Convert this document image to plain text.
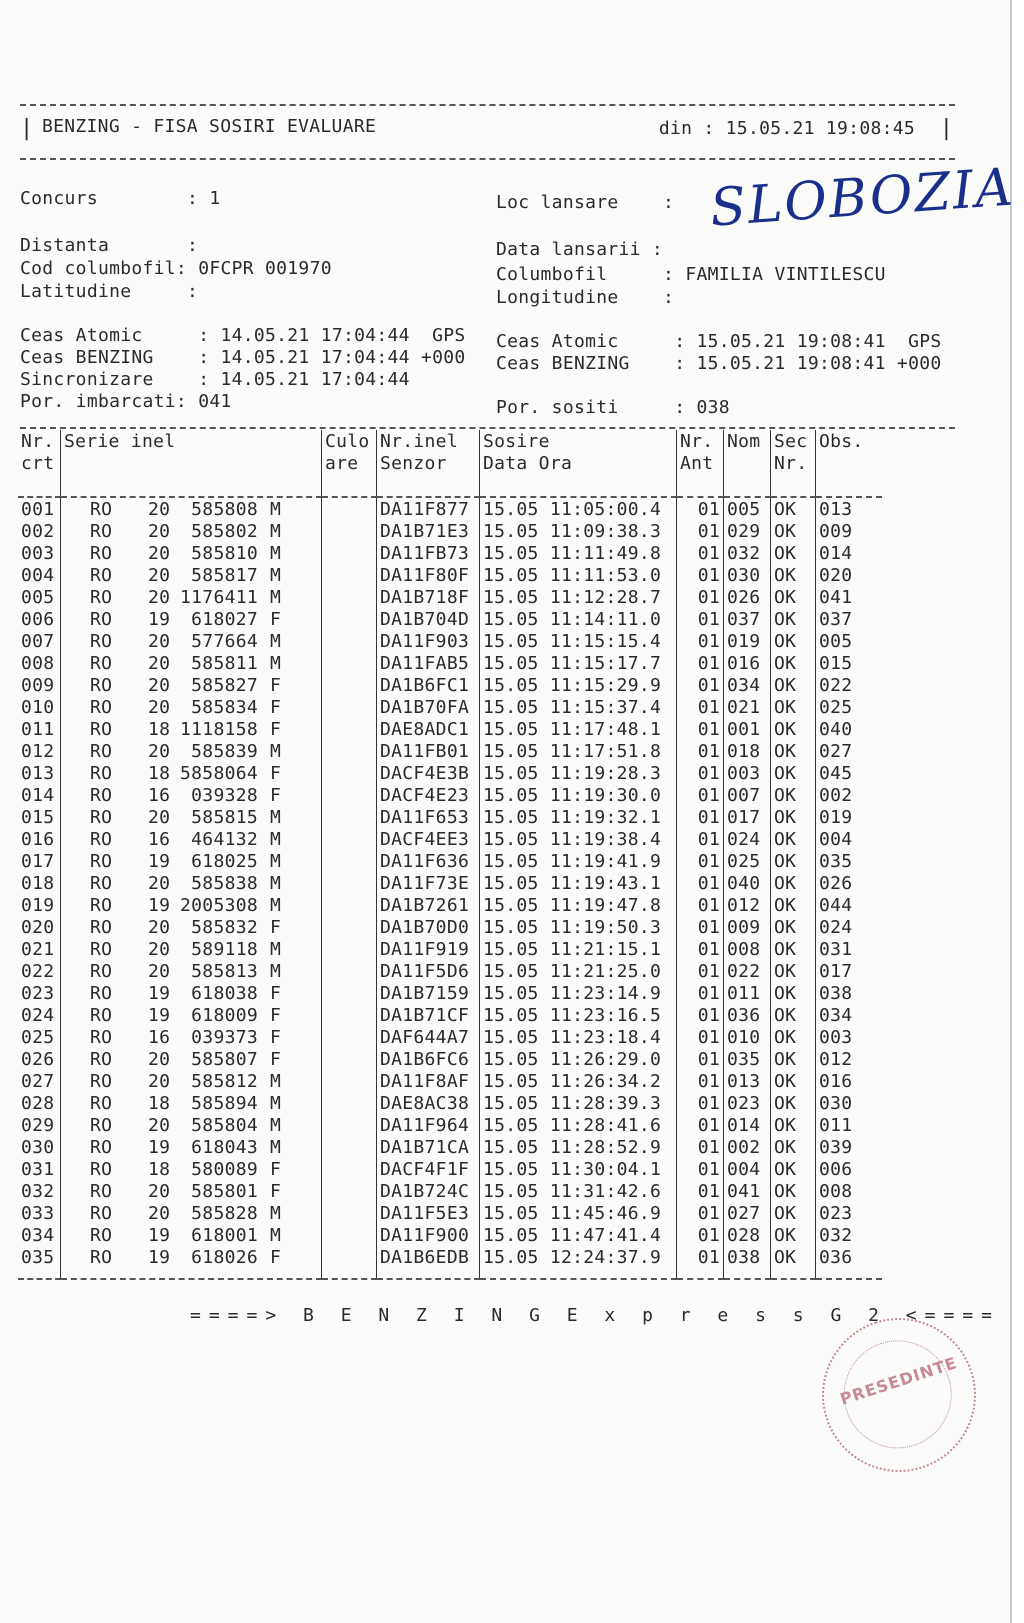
| BENZING - FISA SOSIRI EVALUARE	din : 15.05.21 19:08:45 |
Concurs        : 1
Distanta       :
Cod columbofil: 0FCPR 001970
Latitudine     :
Loc lansare    : SLOBOZIA
Data lansarii :
Columbofil     : FAMILIA VINTILESCU
Longitudine    :
Ceas Atomic     : 14.05.21 17:04:44  GPS
Ceas BENZING    : 14.05.21 17:04:44 +000
Sincronizare    : 14.05.21 17:04:44
Por. imbarcati: 041
Ceas Atomic     : 15.05.21 19:08:41  GPS
Ceas BENZING    : 15.05.21 19:08:41 +000
Por. sositi     : 038
Nr.	Serie inel	Culo	Nr.inel	Sosire	Nr.	Nom	Sec	Obs.
crt		are	Senzor	Data Ora	Ant		Nr.	

001	RO 20 585808 M		DA11F877	15.05 11:05:00.4	01	005	OK	013
002	RO 20 585802 M		DA1B71E3	15.05 11:09:38.3	01	029	OK	009
003	RO 20 585810 M		DA11FB73	15.05 11:11:49.8	01	032	OK	014
004	RO 20 585817 M		DA11F80F	15.05 11:11:53.0	01	030	OK	020
005	RO 20 1176411 M		DA1B718F	15.05 11:12:28.7	01	026	OK	041
006	RO 19 618027 F		DA1B704D	15.05 11:14:11.0	01	037	OK	037
007	RO 20 577664 M		DA11F903	15.05 11:15:15.4	01	019	OK	005
008	RO 20 585811 M		DA11FAB5	15.05 11:15:17.7	01	016	OK	015
009	RO 20 585827 F		DA1B6FC1	15.05 11:15:29.9	01	034	OK	022
010	RO 20 585834 F		DA1B70FA	15.05 11:15:37.4	01	021	OK	025
011	RO 18 1118158 F		DAE8ADC1	15.05 11:17:48.1	01	001	OK	040
012	RO 20 585839 M		DA11FB01	15.05 11:17:51.8	01	018	OK	027
013	RO 18 5858064 F		DACF4E3B	15.05 11:19:28.3	01	003	OK	045
014	RO 16 039328 F		DACF4E23	15.05 11:19:30.0	01	007	OK	002
015	RO 20 585815 M		DA11F653	15.05 11:19:32.1	01	017	OK	019
016	RO 16 464132 M		DACF4EE3	15.05 11:19:38.4	01	024	OK	004
017	RO 19 618025 M		DA11F636	15.05 11:19:41.9	01	025	OK	035
018	RO 20 585838 M		DA11F73E	15.05 11:19:43.1	01	040	OK	026
019	RO 19 2005308 M		DA1B7261	15.05 11:19:47.8	01	012	OK	044
020	RO 20 585832 F		DA1B70D0	15.05 11:19:50.3	01	009	OK	024
021	RO 20 589118 M		DA11F919	15.05 11:21:15.1	01	008	OK	031
022	RO 20 585813 M		DA11F5D6	15.05 11:21:25.0	01	022	OK	017
023	RO 19 618038 F		DA1B7159	15.05 11:23:14.9	01	011	OK	038
024	RO 19 618009 F		DA1B71CF	15.05 11:23:16.5	01	036	OK	034
025	RO 16 039373 F		DAF644A7	15.05 11:23:18.4	01	010	OK	003
026	RO 20 585807 F		DA1B6FC6	15.05 11:26:29.0	01	035	OK	012
027	RO 20 585812 M		DA11F8AF	15.05 11:26:34.2	01	013	OK	016
028	RO 18 585894 M		DAE8AC38	15.05 11:28:39.3	01	023	OK	030
029	RO 20 585804 M		DA11F964	15.05 11:28:41.6	01	014	OK	011
030	RO 19 618043 M		DA1B71CA	15.05 11:28:52.9	01	002	OK	039
031	RO 18 580089 F		DACF4F1F	15.05 11:30:04.1	01	004	OK	006
032	RO 20 585801 F		DA1B724C	15.05 11:31:42.6	01	041	OK	008
033	RO 20 585828 M		DA11F5E3	15.05 11:45:46.9	01	027	OK	023
034	RO 19 618001 M		DA11F900	15.05 11:47:41.4	01	028	OK	032
035	RO 19 618026 F		DA1B6EDB	15.05 12:24:37.9	01	038	OK	036

====> B E N Z I N G E x p r e s s G 2 <====
PRESEDINTE
